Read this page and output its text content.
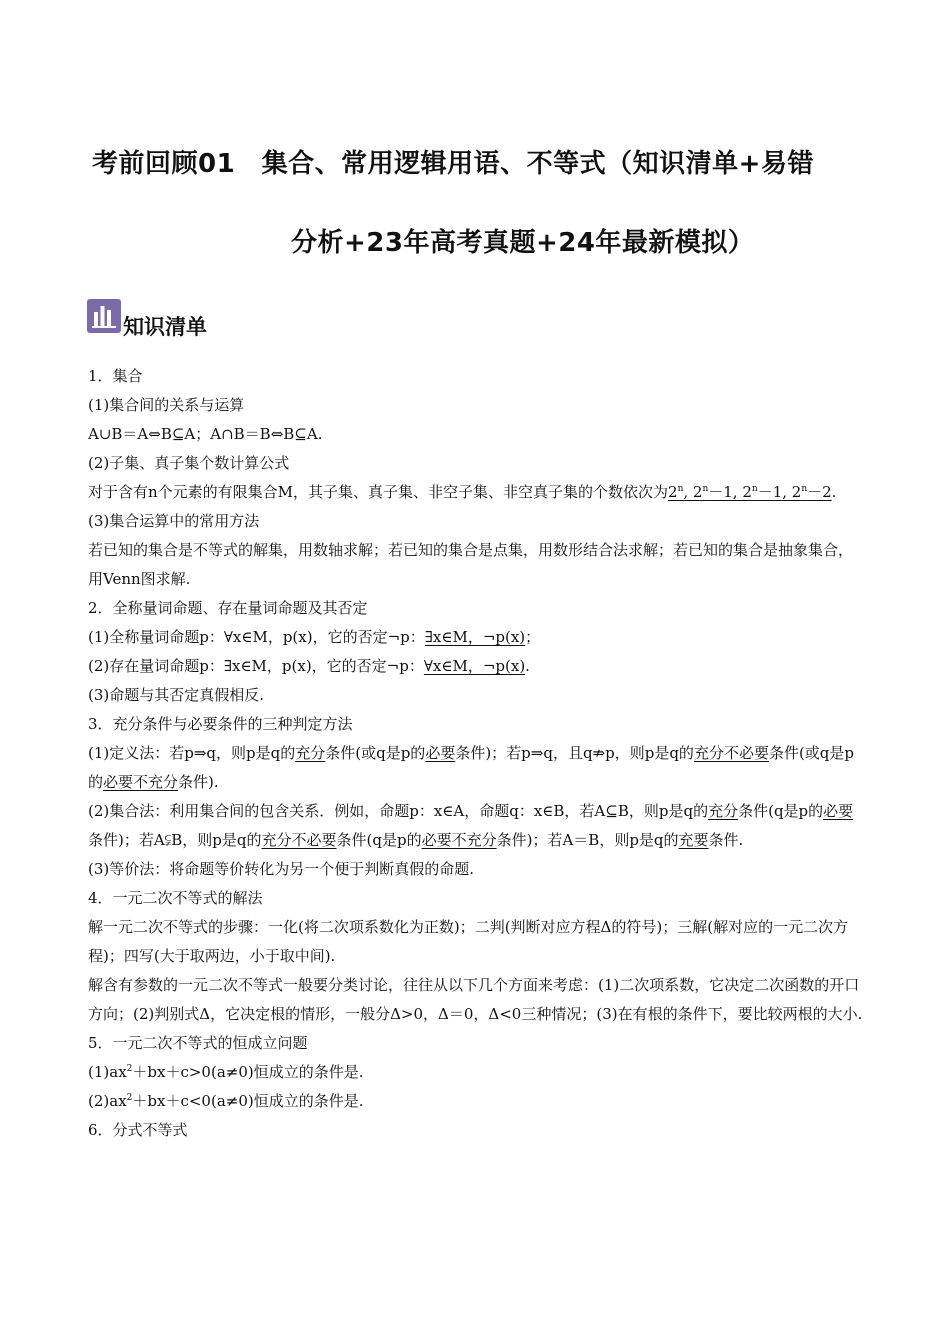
考前回顾01　集合、常用逻辑用语、不等式（知识清单+易错
分析+23年高考真题+24年最新模拟）
知识清单
1．集合
(1)集合间的关系与运算
A∪B＝A⇔B⊆A；A∩B＝B⇔B⊆A.
(2)子集、真子集个数计算公式
对于含有n个元素的有限集合M，其子集、真子集、非空子集、非空真子集的个数依次为2$^n$, $2^n-1$, $2^n-1$, $2^n-2$.
(3)集合运算中的常用方法
若已知的集合是不等式的解集，用数轴求解；若已知的集合是点集，用数形结合法求解；若已知的集合是抽象集合，用Venn图求解.
2．全称量词命题、存在量词命题及其否定
(1)全称量词命题p：∀x∈M，p(x)，它的否定¬p：∃x∈M，¬p(x)；
(2)存在量词命题p：∃x∈M，p(x)，它的否定¬p：∀x∈M，¬p(x).
(3)命题与其否定真假相反.
3．充分条件与必要条件的三种判定方法
(1)定义法：若p⇒q，则p是q的充分条件(或q是p的必要条件)；若p⇒q，且q⇏p，则p是q的充分不必要条件(或q是p的必要不充分条件).
(2)集合法：利用集合间的包含关系．例如，命题p：x∈A，命题q：x∈B，若A⊆B，则p是q的充分条件(q是p的必要条件)；若A⫋B，则p是q的充分不必要条件(q是p的必要不充分条件)；若A＝B，则p是q的充要条件.
(3)等价法：将命题等价转化为另一个便于判断真假的命题.
4．一元二次不等式的解法
解一元二次不等式的步骤：一化(将二次项系数化为正数)；二判(判断对应方程Δ的符号)；三解(解对应的一元二次方程)；四写(大于取两边，小于取中间).
解含有参数的一元二次不等式一般要分类讨论，往往从以下几个方面来考虑：(1)二次项系数，它决定二次函数的开口方向；(2)判别式Δ，它决定根的情形，一般分Δ>0，Δ＝0，Δ<0三种情况；(3)在有根的条件下，要比较两根的大小.
5．一元二次不等式的恒成立问题
$(1)ax^2+bx+c>0(a\ne 0)$恒成立的条件是.
$(2)ax^2+bx+c<0(a\ne 0)$恒成立的条件是.
6．分式不等式
